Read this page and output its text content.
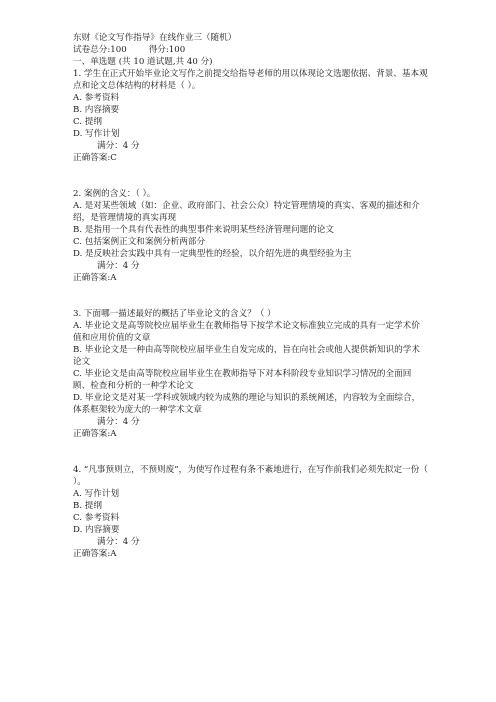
东财《论文写作指导》在线作业三（随机）
试卷总分:100	得分:100
一、单选题 (共 10 道试题,共 40 分)
1. 学生在正式开始毕业论文写作之前提交给指导老师的用以体现论文选题依据、背景、基本观点和论文总体结构的材料是（ ）。
A. 参考资料
B. 内容摘要
C. 提纲
D. 写作计划
满分：4 分
正确答案:C
2. 案例的含义：（ ）。
A. 是对某些领域（如：企业、政府部门、社会公众）特定管理情境的真实、客观的描述和介绍，是管理情境的真实再现
B. 是指用一个具有代表性的典型事件来说明某些经济管理问题的论文
C. 包括案例正文和案例分析两部分
D. 是反映社会实践中具有一定典型性的经验，以介绍先进的典型经验为主
满分：4 分
正确答案:A
3. 下面哪一描述最好的概括了毕业论文的含义？（ ）
A. 毕业论文是高等院校应届毕业生在教师指导下按学术论文标准独立完成的具有一定学术价值和应用价值的文章
B. 毕业论文是一种由高等院校应届毕业生自发完成的，旨在向社会或他人提供新知识的学术论文
C. 毕业论文是由高等院校应届毕业生在教师指导下对本科阶段专业知识学习情况的全面回顾、检查和分析的一种学术论文
D. 毕业论文是对某一学科或领域内较为成熟的理论与知识的系统阐述，内容较为全面综合，体系框架较为庞大的一种学术文章
满分：4 分
正确答案:A
4. “凡事预则立，不预则废”，为使写作过程有条不紊地进行，在写作前我们必须先拟定一份（ ）。
A. 写作计划
B. 提纲
C. 参考资料
D. 内容摘要
满分：4 分
正确答案:A
